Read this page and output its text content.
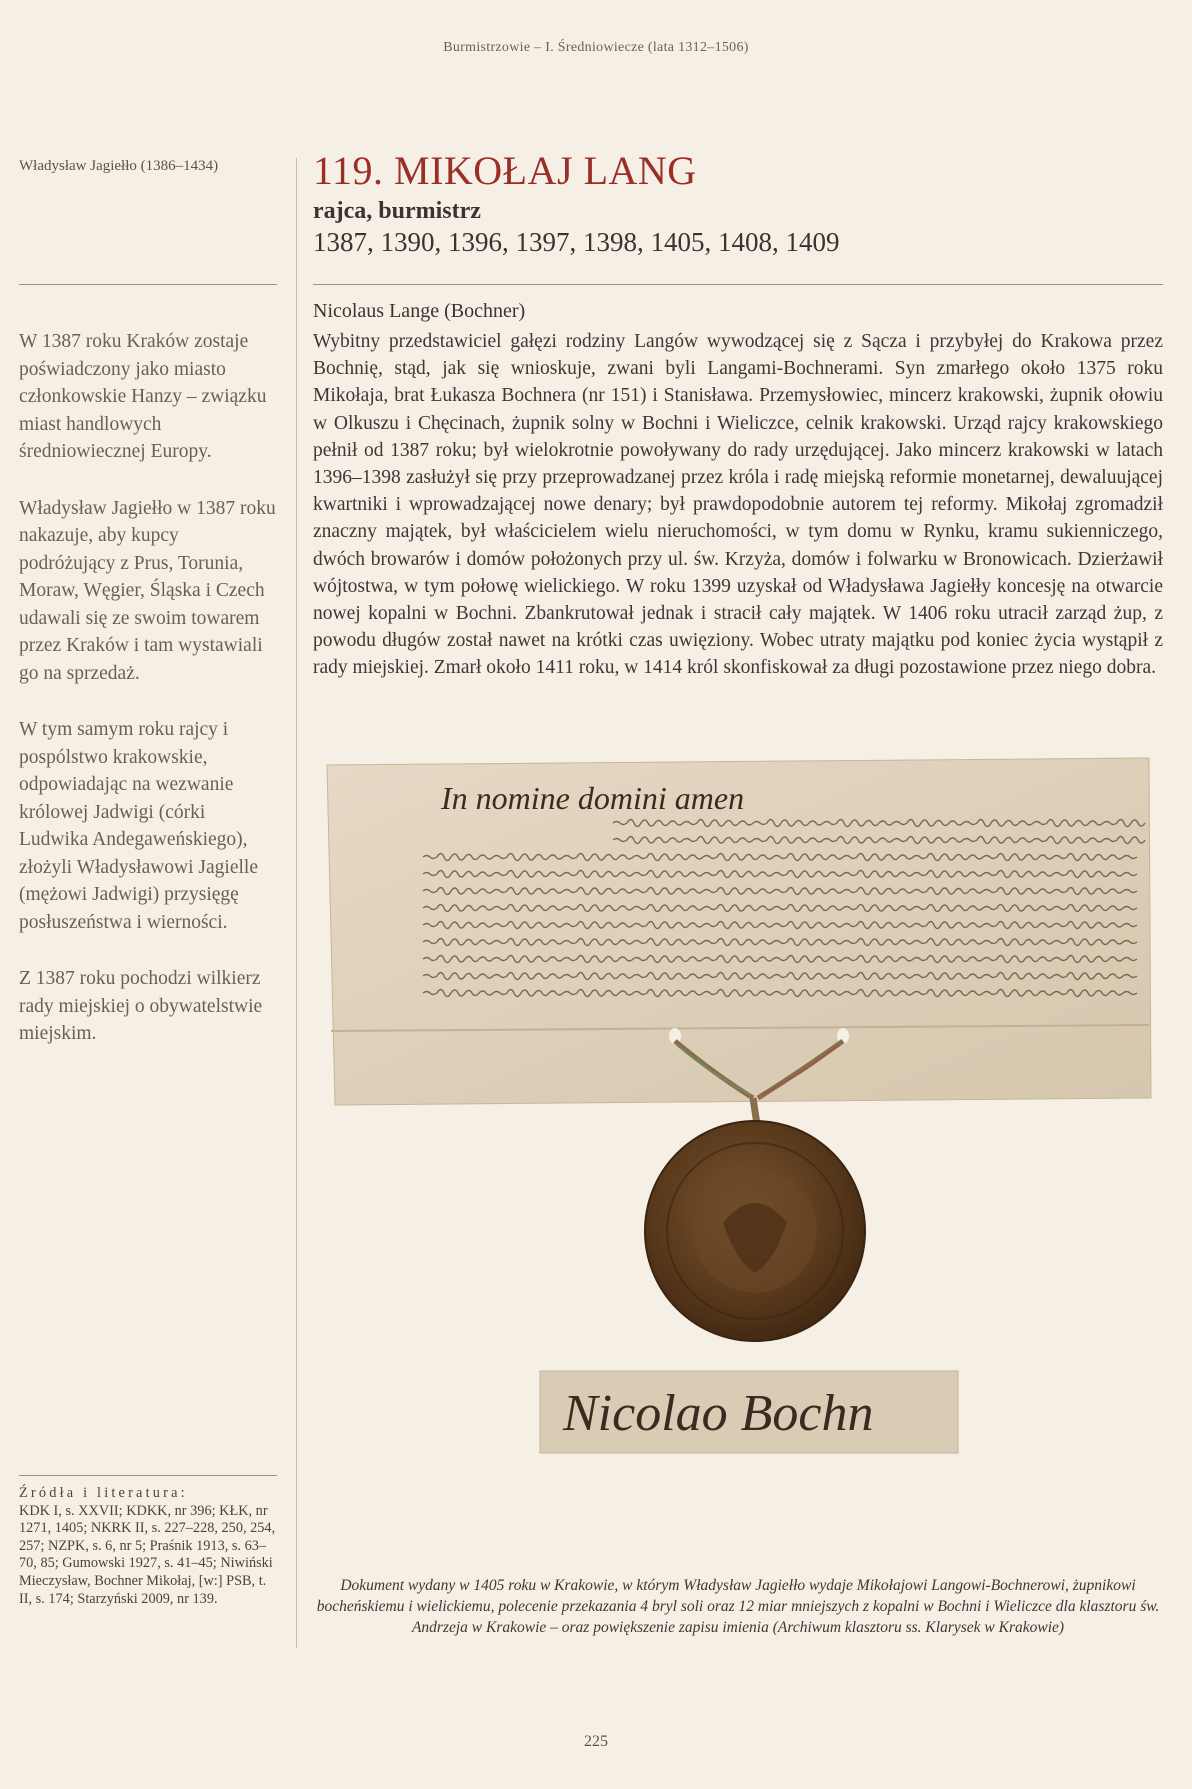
Burmistrzowie – I. Średniowiecze (lata 1312–1506)
Władysław Jagiełło (1386–1434)

W 1387 roku Kraków zostaje poświadczony jako miasto członkowskie Hanzy – związku miast handlowych średniowiecznej Europy.

Władysław Jagiełło w 1387 roku nakazuje, aby kupcy podróżujący z Prus, Torunia, Moraw, Węgier, Śląska i Czech udawali się ze swoim towarem przez Kraków i tam wystawiali go na sprzedaż.

W tym samym roku rajcy i pospólstwo krakowskie, odpowiadając na wezwanie królowej Jadwigi (córki Ludwika Andegaweńskiego), złożyli Władysławowi Jagielle (mężowi Jadwigi) przysięgę posłuszeństwa i wierności.

Z 1387 roku pochodzi wilkierz rady miejskiej o obywatelstwie miejskim.

119. MIKOŁAJ LANG
rajca, burmistrz
1387, 1390, 1396, 1397, 1398, 1405, 1408, 1409
Nicolaus Lange (Bochner)
Wybitny przedstawiciel gałęzi rodziny Langów wywodzącej się z Sącza i przybyłej do Krakowa przez Bochnię, stąd, jak się wnioskuje, zwani byli Langami-Bochnerami. Syn zmarłego około 1375 roku Mikołaja, brat Łukasza Bochnera (nr 151) i Stanisława. Przemysłowiec, mincerz krakowski, żupnik ołowiu w Olkuszu i Chęcinach, żupnik solny w Bochni i Wieliczce, celnik krakowski. Urząd rajcy krakowskiego pełnił od 1387 roku; był wielokrotnie powoływany do rady urzędującej. Jako mincerz krakowski w latach 1396–1398 zasłużył się przy przeprowadzanej przez króla i radę miejską reformie monetarnej, dewaluującej kwartniki i wprowadzającej nowe denary; był prawdopodobnie autorem tej reformy. Mikołaj zgromadził znaczny majątek, był właścicielem wielu nieruchomości, w tym domu w Rynku, kramu sukienniczego, dwóch browarów i domów położonych przy ul. św. Krzyża, domów i folwarku w Bronowicach. Dzierżawił wójtostwa, w tym połowę wielickiego. W roku 1399 uzyskał od Władysława Jagiełły koncesję na otwarcie nowej kopalni w Bochni. Zbankrutował jednak i stracił cały majątek. W 1406 roku utracił zarząd żup, z powodu długów został nawet na krótki czas uwięziony. Wobec utraty majątku pod koniec życia wystąpił z rady miejskiej. Zmarł około 1411 roku, w 1414 król skonfiskował za długi pozostawione przez niego dobra.
In nomine domini amen
Nicolao Bochn
Dokument wydany w 1405 roku w Krakowie, w którym Władysław Jagiełło wydaje Mikołajowi Langowi-Bochnerowi, żupnikowi bocheńskiemu i wielickiemu, polecenie przekazania 4 bryl soli oraz 12 miar mniejszych z kopalni w Bochni i Wieliczce dla klasztoru św. Andrzeja w Krakowie – oraz powiększenie zapisu imienia (Archiwum klasztoru ss. Klarysek w Krakowie)
Źródła i literatura:
KDK I, s. XXVII; KDKK, nr 396; KŁK, nr 1271, 1405; NKRK II, s. 227–228, 250, 254, 257; NZPK, s. 6, nr 5; Praśnik 1913, s. 63–70, 85; Gumowski 1927, s. 41–45; Niwiński Mieczysław, Bochner Mikołaj, [w:] PSB, t. II, s. 174; Starzyński 2009, nr 139.
225
